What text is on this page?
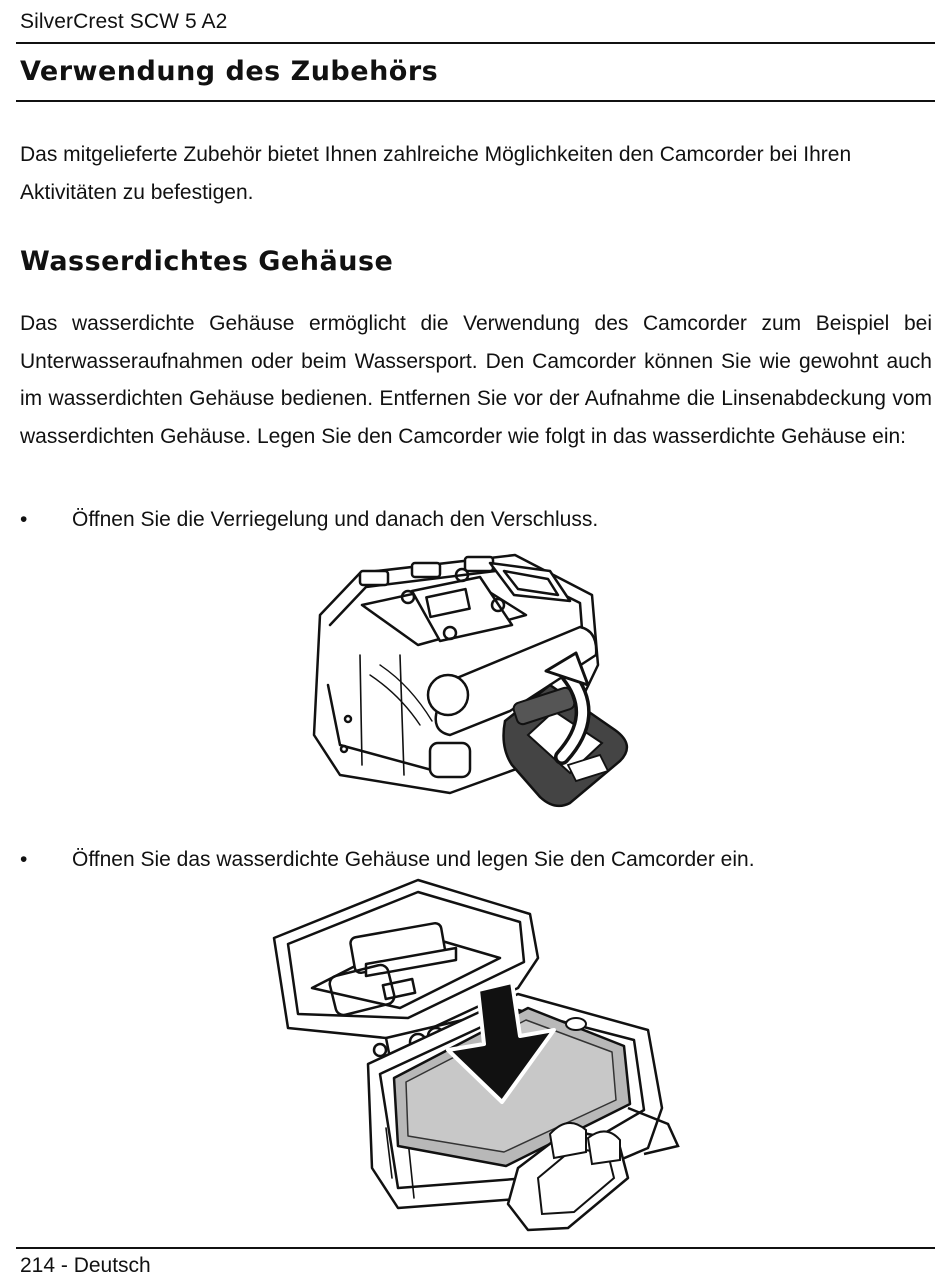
SilverCrest SCW 5 A2
Verwendung des Zubehörs

Das mitgelieferte Zubehör bietet Ihnen zahlreiche Möglichkeiten den Camcorder bei Ihren Aktivitäten zu befestigen.

Wasserdichtes Gehäuse

Das wasserdichte Gehäuse ermöglicht die Verwendung des Camcorder zum Beispiel bei Unterwasseraufnahmen oder beim Wassersport. Den Camcorder können Sie wie gewohnt auch im wasserdichten Gehäuse bedienen. Entfernen Sie vor der Aufnahme die Linsenabdeckung vom wasserdichten Gehäuse. Legen Sie den Camcorder wie folgt in das wasserdichte Gehäuse ein:

• Öffnen Sie die Verriegelung und danach den Verschluss.
• Öffnen Sie das wasserdichte Gehäuse und legen Sie den Camcorder ein.
214 - Deutsch
